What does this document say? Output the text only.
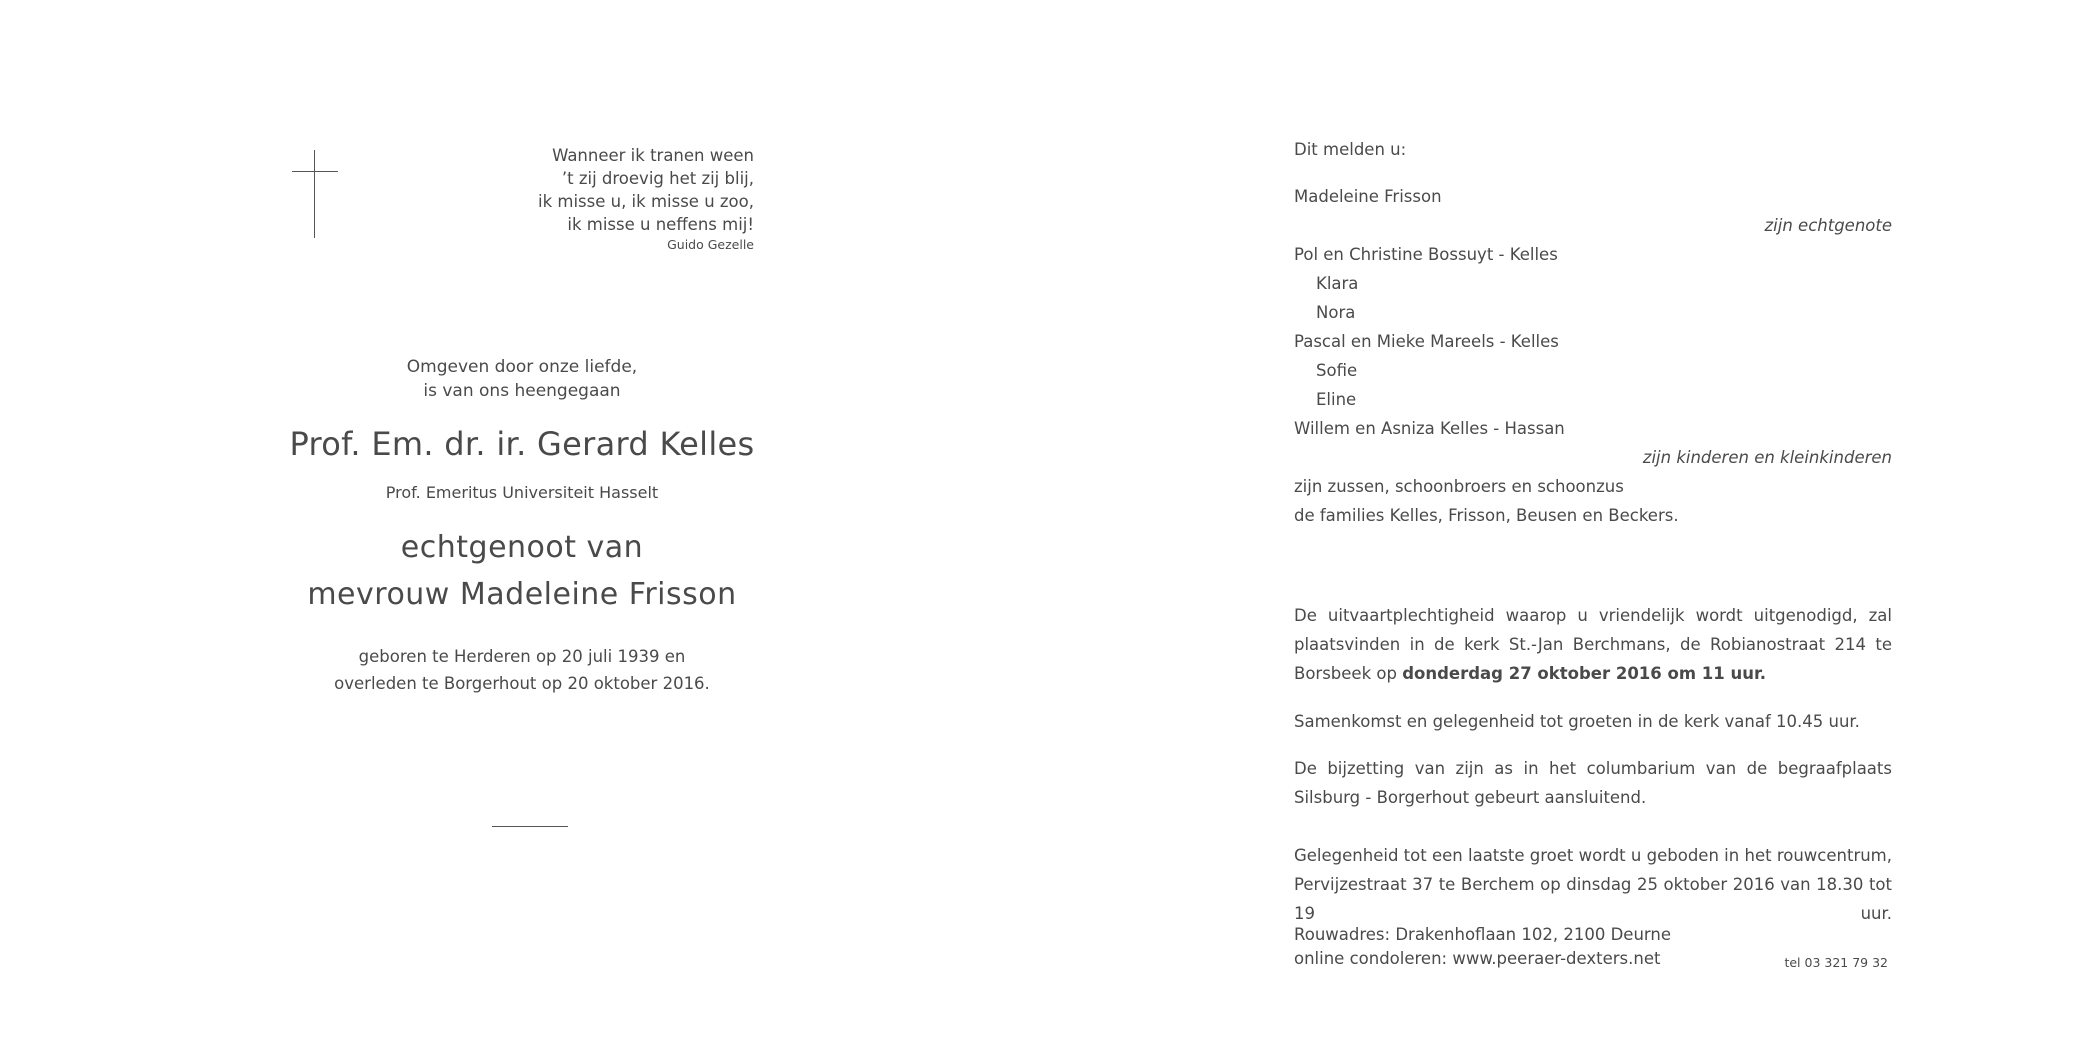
Wanneer ik tranen ween
’t zij droevig het zij blij,
ik misse u, ik misse u zoo,
ik misse u neffens mij!
Guido Gezelle
Omgeven door onze liefde,
is van ons heengegaan
Prof. Em. dr. ir. Gerard Kelles
Prof. Emeritus Universiteit Hasselt
echtgenoot van
mevrouw Madeleine Frisson
geboren te Herderen op 20 juli 1939 en
overleden te Borgerhout op 20 oktober 2016.
Dit melden u:
Madeleine Frisson
zijn echtgenote
Pol en Christine Bossuyt - Kelles
Klara
Nora
Pascal en Mieke Mareels - Kelles
Sofie
Eline
Willem en Asniza Kelles - Hassan
zijn kinderen en kleinkinderen
zijn zussen, schoonbroers en schoonzus
de families Kelles, Frisson, Beusen en Beckers.
De uitvaartplechtigheid waarop u vriendelijk wordt uitgenodigd, zal plaatsvinden in de kerk St.-Jan Berchmans, de Robianostraat 214 te Borsbeek op donderdag 27 oktober 2016 om 11 uur.
Samenkomst en gelegenheid tot groeten in de kerk vanaf 10.45 uur.
De bijzetting van zijn as in het columbarium van de begraafplaats Silsburg - Borgerhout gebeurt aansluitend.
Gelegenheid tot een laatste groet wordt u geboden in het rouwcentrum, Pervijzestraat 37 te Berchem op dinsdag 25 oktober 2016 van 18.30 tot 19 uur.
Rouwadres: Drakenhoflaan 102, 2100 Deurne
online condoleren: www.peeraer-dexters.net	tel 03 321 79 32
